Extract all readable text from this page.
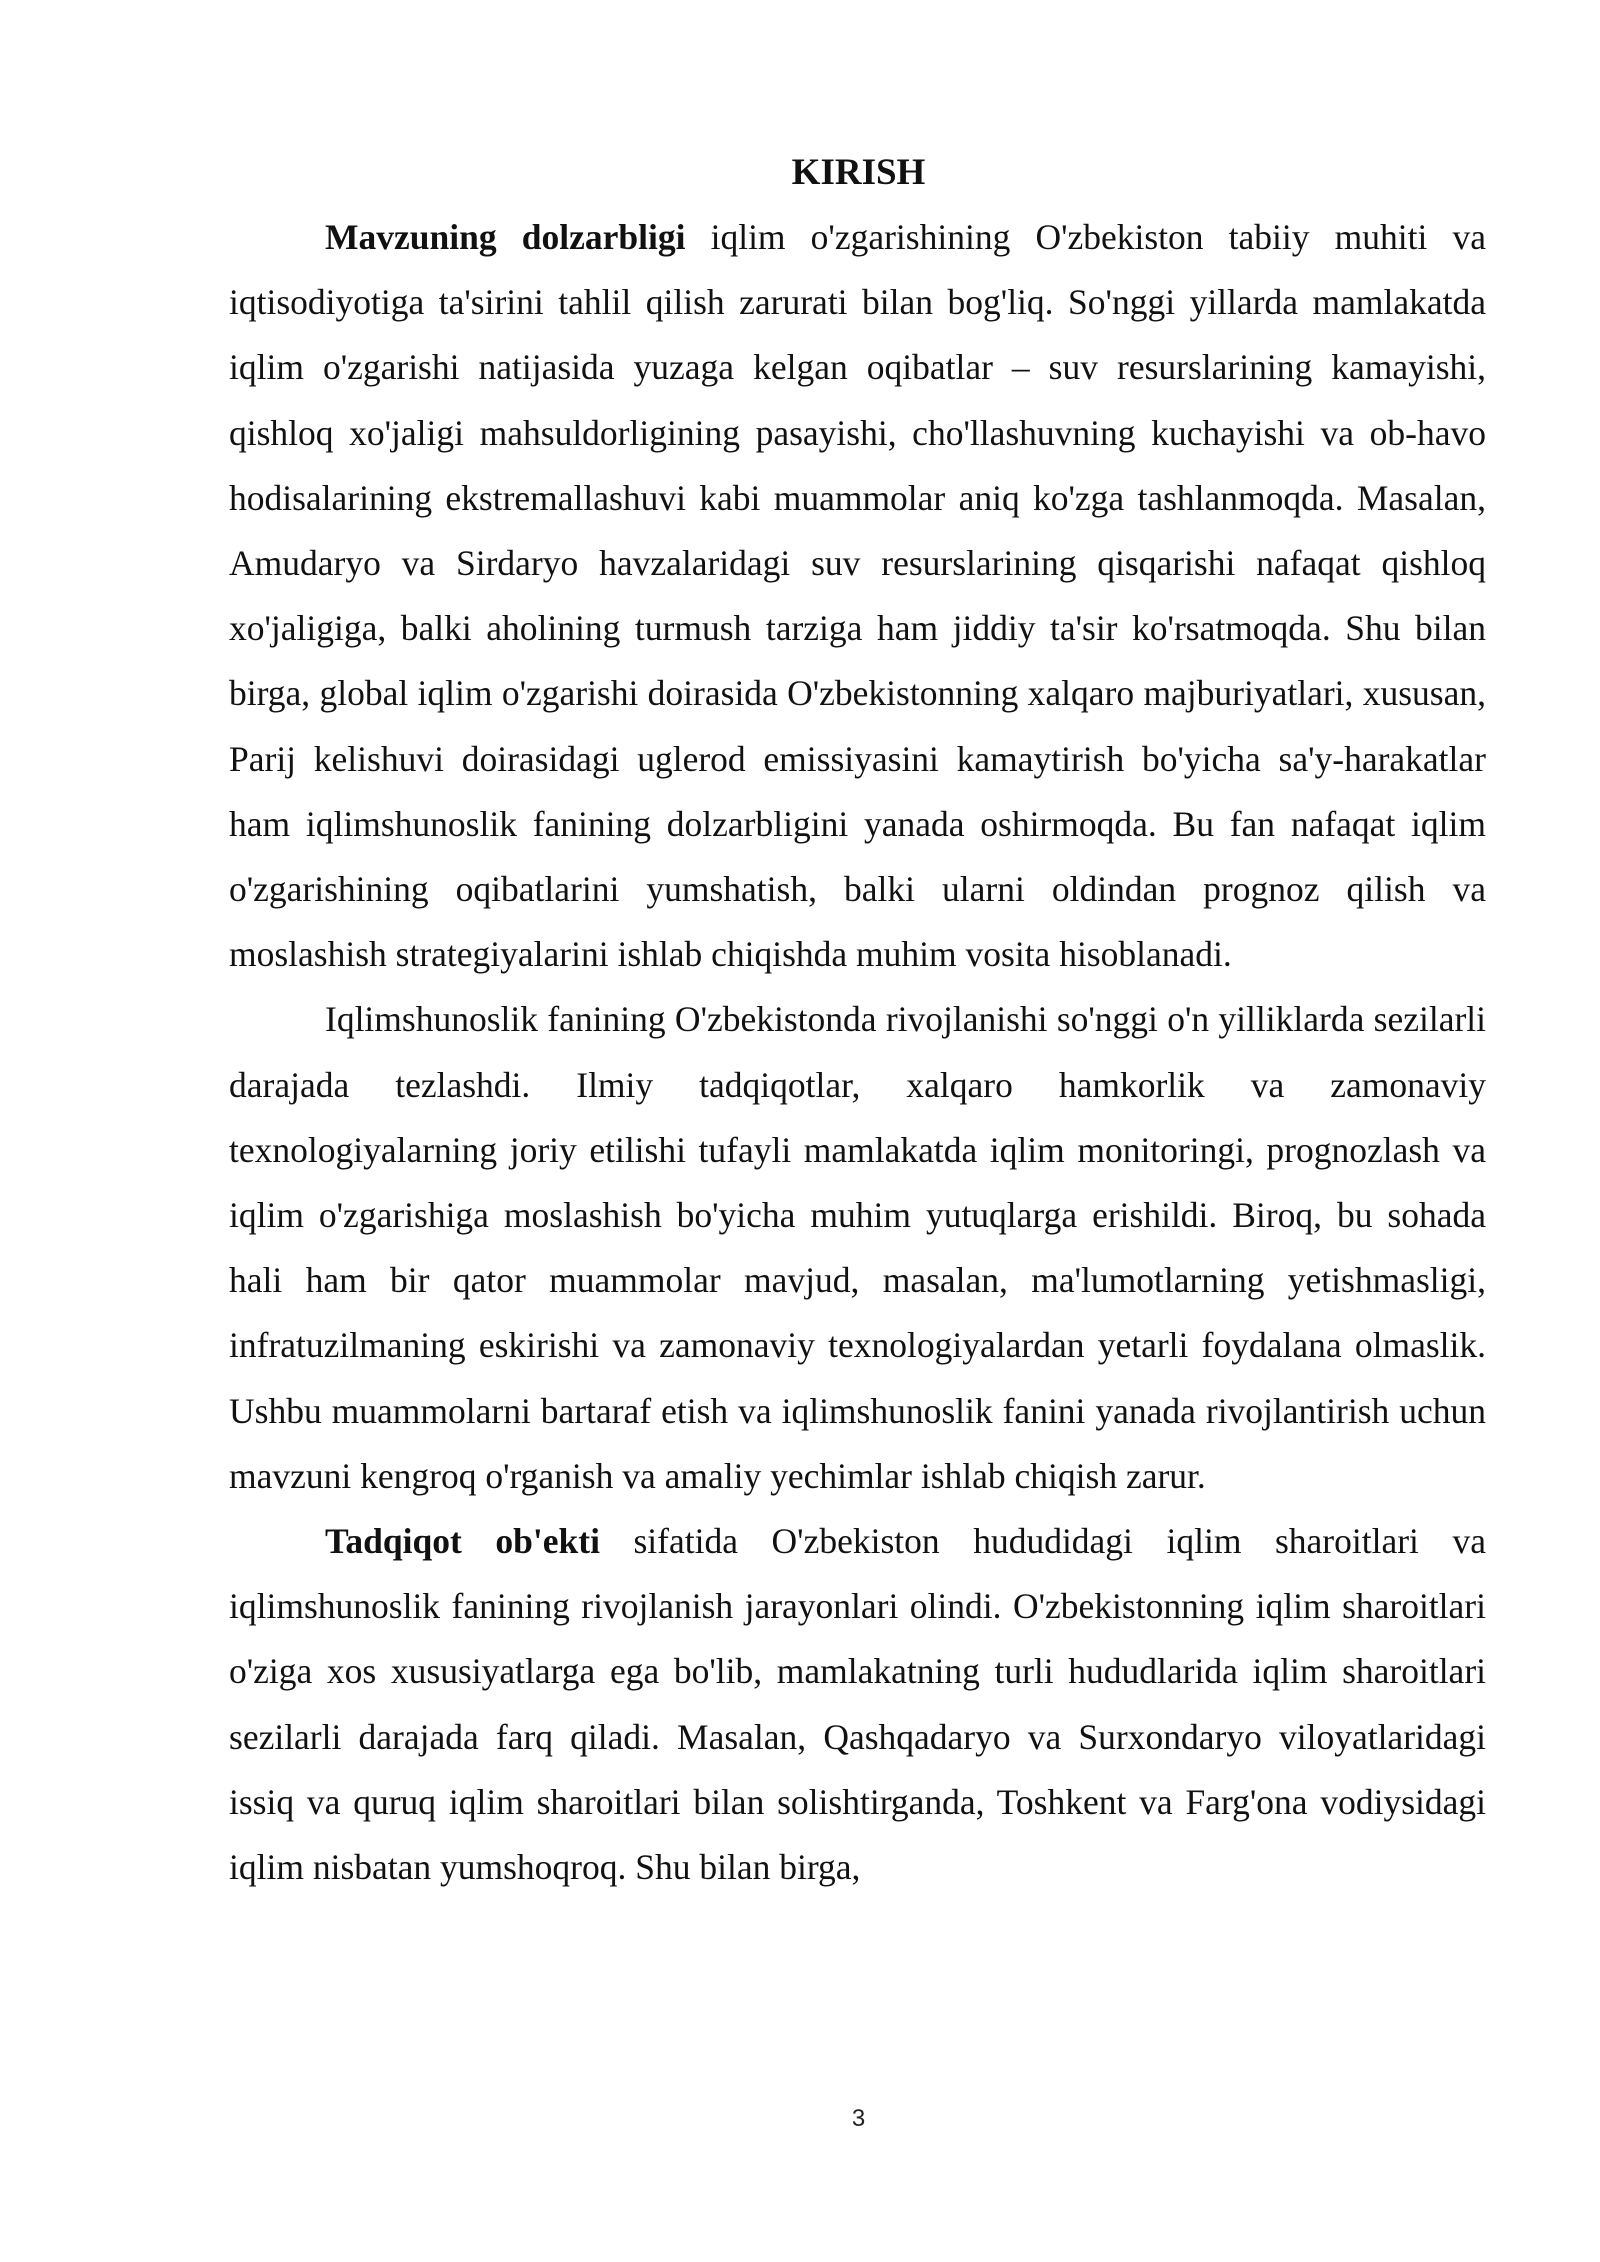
KIRISH

Mavzuning dolzarbligi iqlim o'zgarishining O'zbekiston tabiiy muhiti va iqtisodiyotiga ta'sirini tahlil qilish zarurati bilan bog'liq. So'nggi yillarda mamlakatda iqlim o'zgarishi natijasida yuzaga kelgan oqibatlar – suv resurslarining kamayishi, qishloq xo'jaligi mahsuldorligining pasayishi, cho'llashuvning kuchayishi va ob-havo hodisalarining ekstremallashuvi kabi muammolar aniq ko'zga tashlanmoqda. Masalan, Amudaryo va Sirdaryo havzalaridagi suv resurslarining qisqarishi nafaqat qishloq xo'jaligiga, balki aholining turmush tarziga ham jiddiy ta'sir ko'rsatmoqda. Shu bilan birga, global iqlim o'zgarishi doirasida O'zbekistonning xalqaro majburiyatlari, xususan, Parij kelishuvi doirasidagi uglerod emissiyasini kamaytirish bo'yicha sa'y-harakatlar ham iqlimshunoslik fanining dolzarbligini yanada oshirmoqda. Bu fan nafaqat iqlim o'zgarishining oqibatlarini yumshatish, balki ularni oldindan prognoz qilish va moslashish strategiyalarini ishlab chiqishda muhim vosita hisoblanadi.

Iqlimshunoslik fanining O'zbekistonda rivojlanishi so'nggi o'n yilliklarda sezilarli darajada tezlashdi. Ilmiy tadqiqotlar, xalqaro hamkorlik va zamonaviy texnologiyalarning joriy etilishi tufayli mamlakatda iqlim monitoringi, prognozlash va iqlim o'zgarishiga moslashish bo'yicha muhim yutuqlarga erishildi. Biroq, bu sohada hali ham bir qator muammolar mavjud, masalan, ma'lumotlarning yetishmasligi, infratuzilmaning eskirishi va zamonaviy texnologiyalardan yetarli foydalana olmaslik. Ushbu muammolarni bartaraf etish va iqlimshunoslik fanini yanada rivojlantirish uchun mavzuni kengroq o'rganish va amaliy yechimlar ishlab chiqish zarur.

Tadqiqot ob'ekti sifatida O'zbekiston hududidagi iqlim sharoitlari va iqlimshunoslik fanining rivojlanish jarayonlari olindi. O'zbekistonning iqlim sharoitlari o'ziga xos xususiyatlarga ega bo'lib, mamlakatning turli hududlarida iqlim sharoitlari sezilarli darajada farq qiladi. Masalan, Qashqadaryo va Surxondaryo viloyatlaridagi issiq va quruq iqlim sharoitlari bilan solishtirganda, Toshkent va Farg'ona vodiysidagi iqlim nisbatan yumshoqroq. Shu bilan birga,

3
